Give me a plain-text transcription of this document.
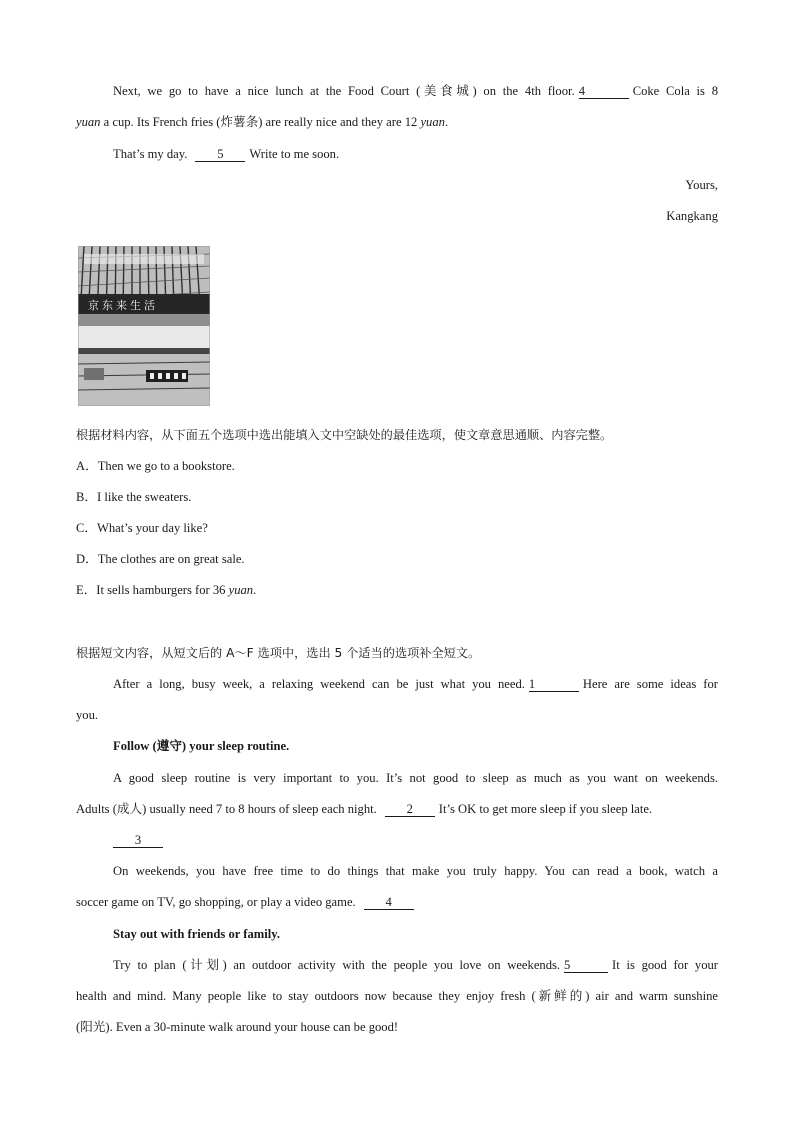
Next, we go to have a nice lunch at the Food Court (美食城) on the 4th floor. 4	Coke Cola is 8
yuan a cup. Its French fries (炸薯条) are really nice and they are 12 yuan.
That’s my day. 5 Write to me soon.
Yours,
Kangkang
京东来生活
根据材料内容，从下面五个选项中选出能填入文中空缺处的最佳选项，使文章意思通顺、内容完整。
A．Then we go to a bookstore.
B．I like the sweaters.
C．What’s your day like?
D．The clothes are on great sale.
E．It sells hamburgers for 36 yuan.
根据短文内容，从短文后的 A～F 选项中，选出 5 个适当的选项补全短文。
After a long, busy week, a relaxing weekend can be just what you need. 1	Here are some ideas for
you.
Follow (遵守) your sleep routine.
A good sleep routine is very important to you. It’s not good to sleep as much as you want on weekends.
Adults (成人) usually need 7 to 8 hours of sleep each night. 2 It’s OK to get more sleep if you sleep late.
3
On weekends, you have free time to do things that make you truly happy. You can read a book, watch a
soccer game on TV, go shopping, or play a video game. 4
Stay out with friends or family.
Try to plan (计划) an outdoor activity with the people you love on weekends. 5	It is good for your
health and mind. Many people like to stay outdoors now because they enjoy fresh (新鲜的) air and warm sunshine
(阳光). Even a 30-minute walk around your house can be good!
